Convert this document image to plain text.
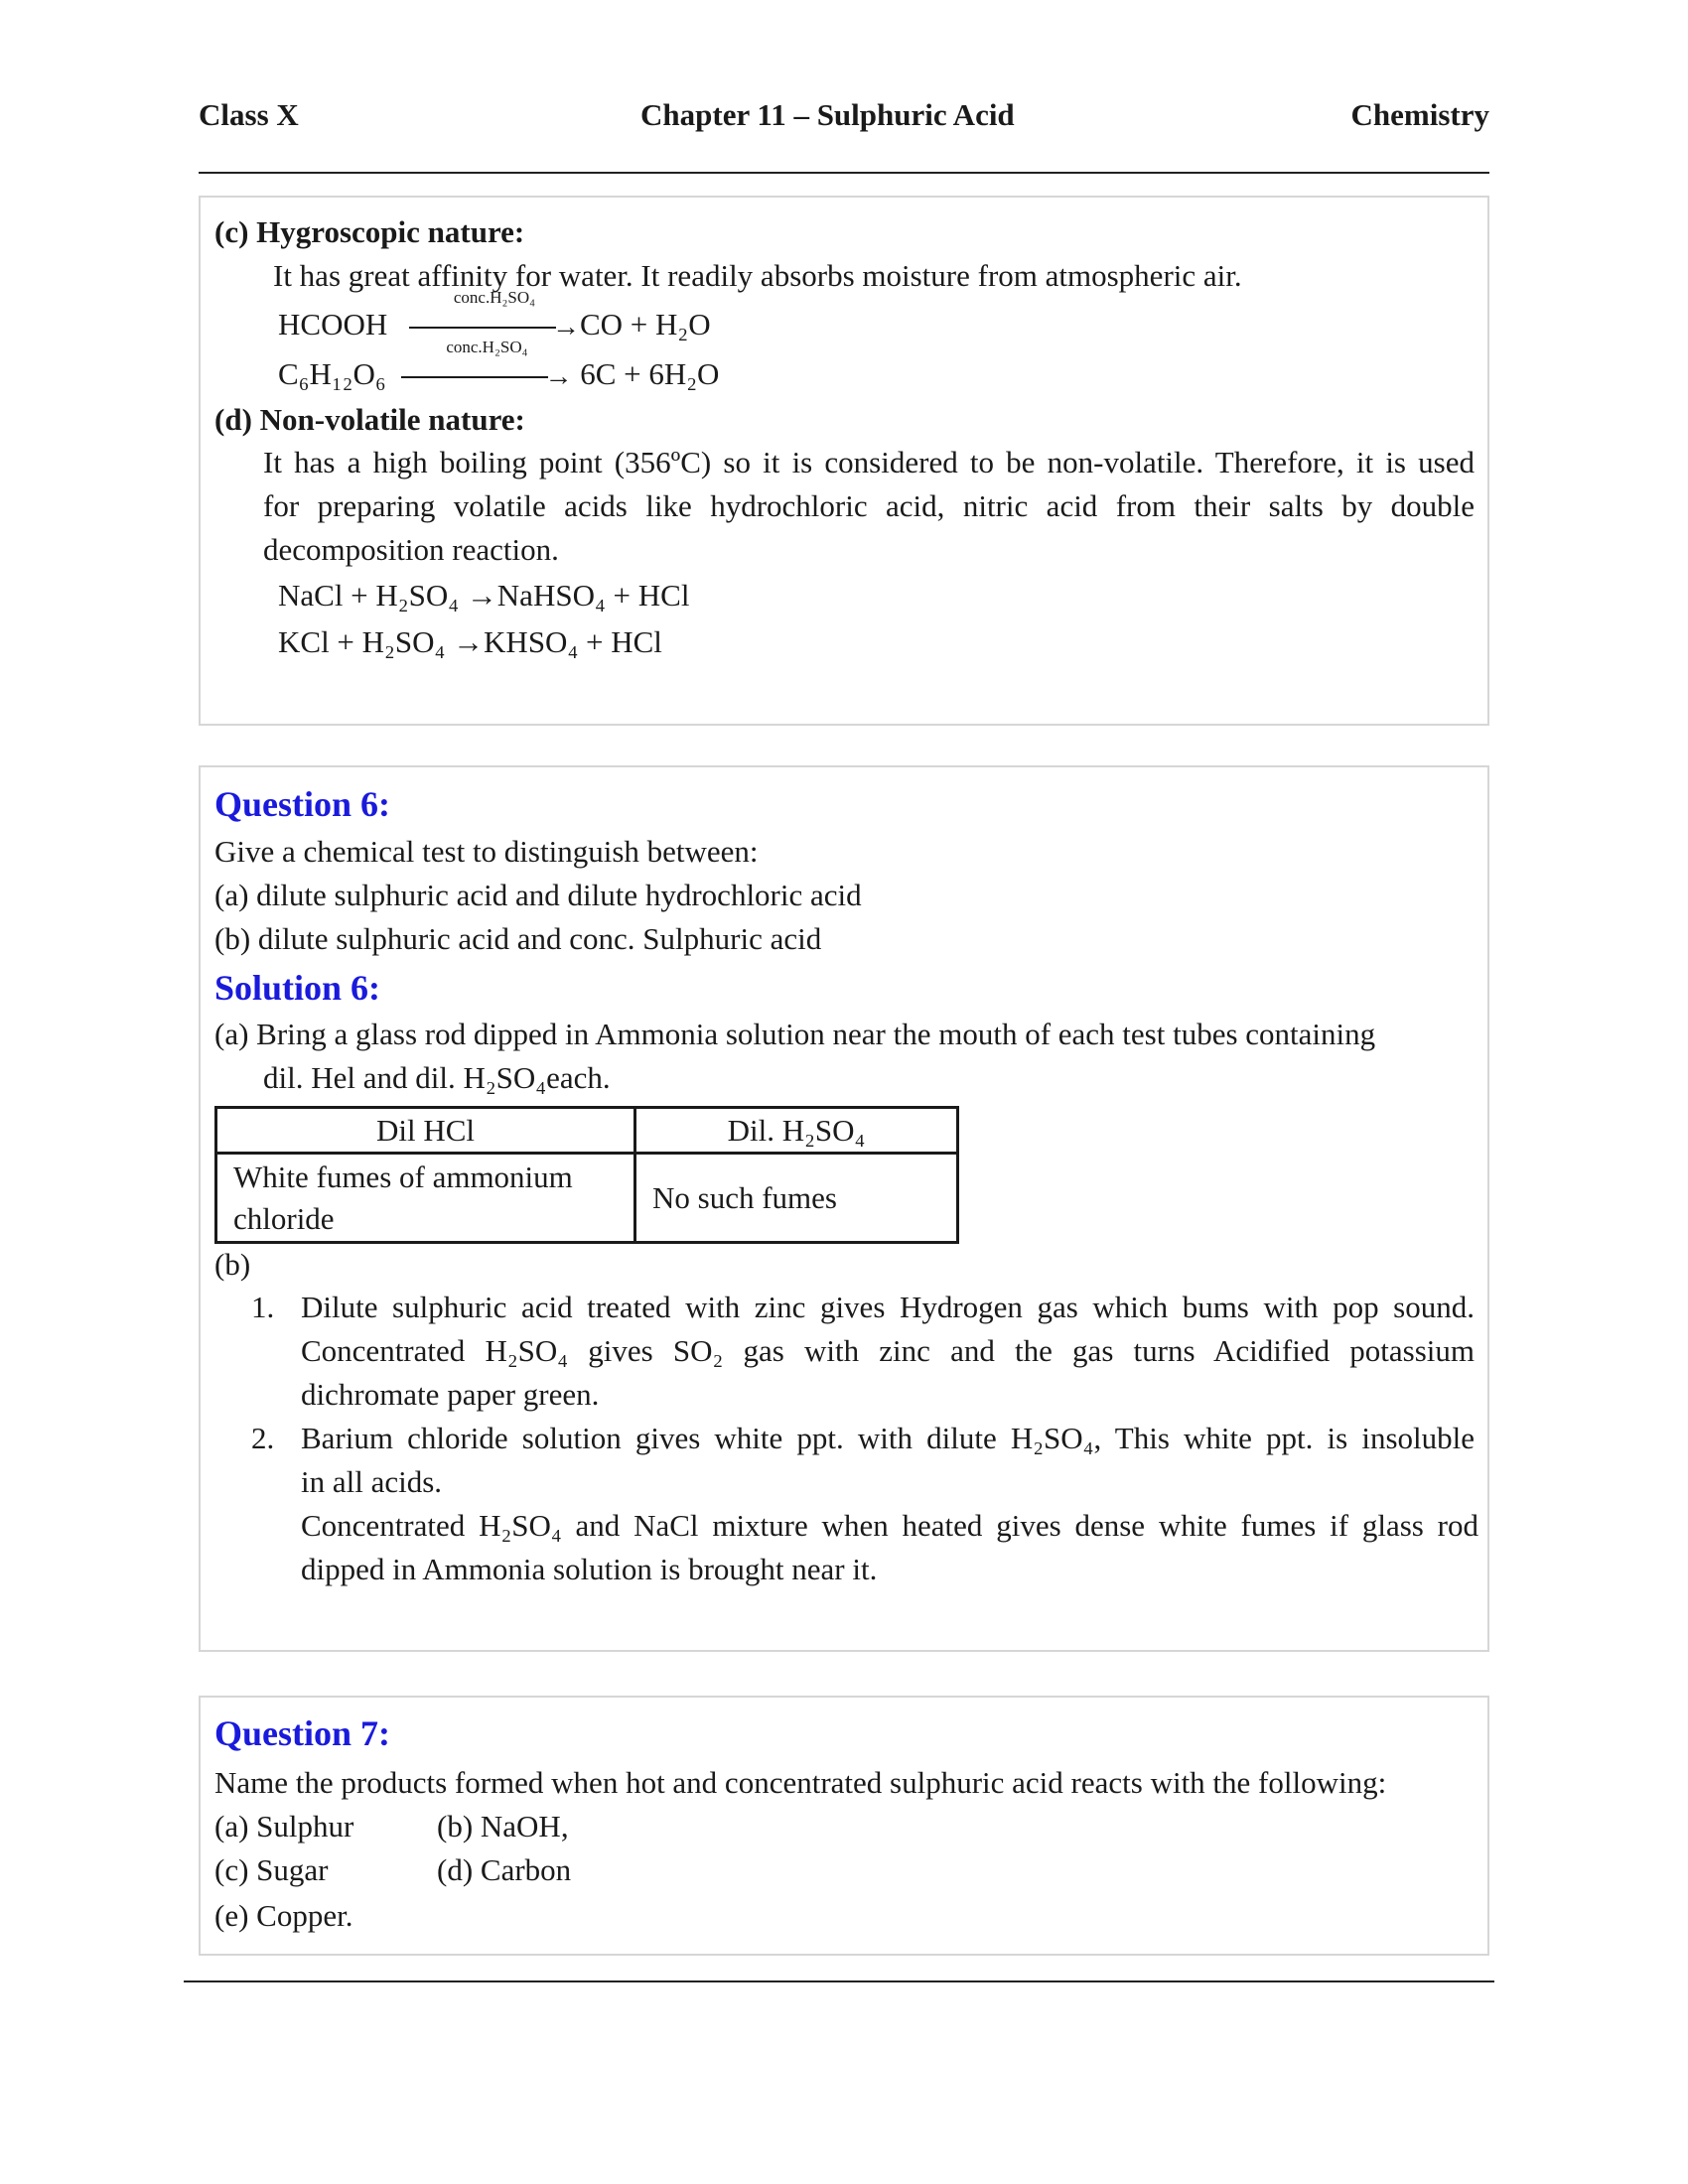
Class X	Chapter 11 – Sulphuric Acid	Chemistry
(c) Hygroscopic nature:
It has great affinity for water. It readily absorbs moisture from atmospheric air.
HCOOH
conc.H₂SO₄
→CO + H₂O
C₆H₁₂O₆
conc.H₂SO₄
→ 6C + 6H₂O
(d) Non-volatile nature:
It has a high boiling point (356ºC) so it is considered to be non-volatile. Therefore, it is used
for preparing volatile acids like hydrochloric acid, nitric acid from their salts by double
decomposition reaction.
NaCl + H₂SO₄ →NaHSO₄ + HCl
KCl + H₂SO₄ →KHSO₄ + HCl
Question 6:
Give a chemical test to distinguish between:
(a) dilute sulphuric acid and dilute hydrochloric acid
(b) dilute sulphuric acid and conc. Sulphuric acid
Solution 6:
(a) Bring a glass rod dipped in Ammonia solution near the mouth of each test tubes containing
dil. Hel and dil. H₂SO₄each.
Dil HCl	Dil. H₂SO₄
White fumes of ammonium
chloride	No such fumes
(b)
1. Dilute sulphuric acid treated with zinc gives Hydrogen gas which bums with pop sound.
Concentrated H₂SO₄ gives SO₂ gas with zinc and the gas turns Acidified potassium
dichromate paper green.
2. Barium chloride solution gives white ppt. with dilute H₂SO₄, This white ppt. is insoluble
in all acids.
Concentrated H₂SO₄ and NaCl mixture when heated gives dense white fumes if glass rod
dipped in Ammonia solution is brought near it.
Question 7:
Name the products formed when hot and concentrated sulphuric acid reacts with the following:
(a) Sulphur	(b) NaOH,
(c) Sugar	(d) Carbon
(e) Copper.
